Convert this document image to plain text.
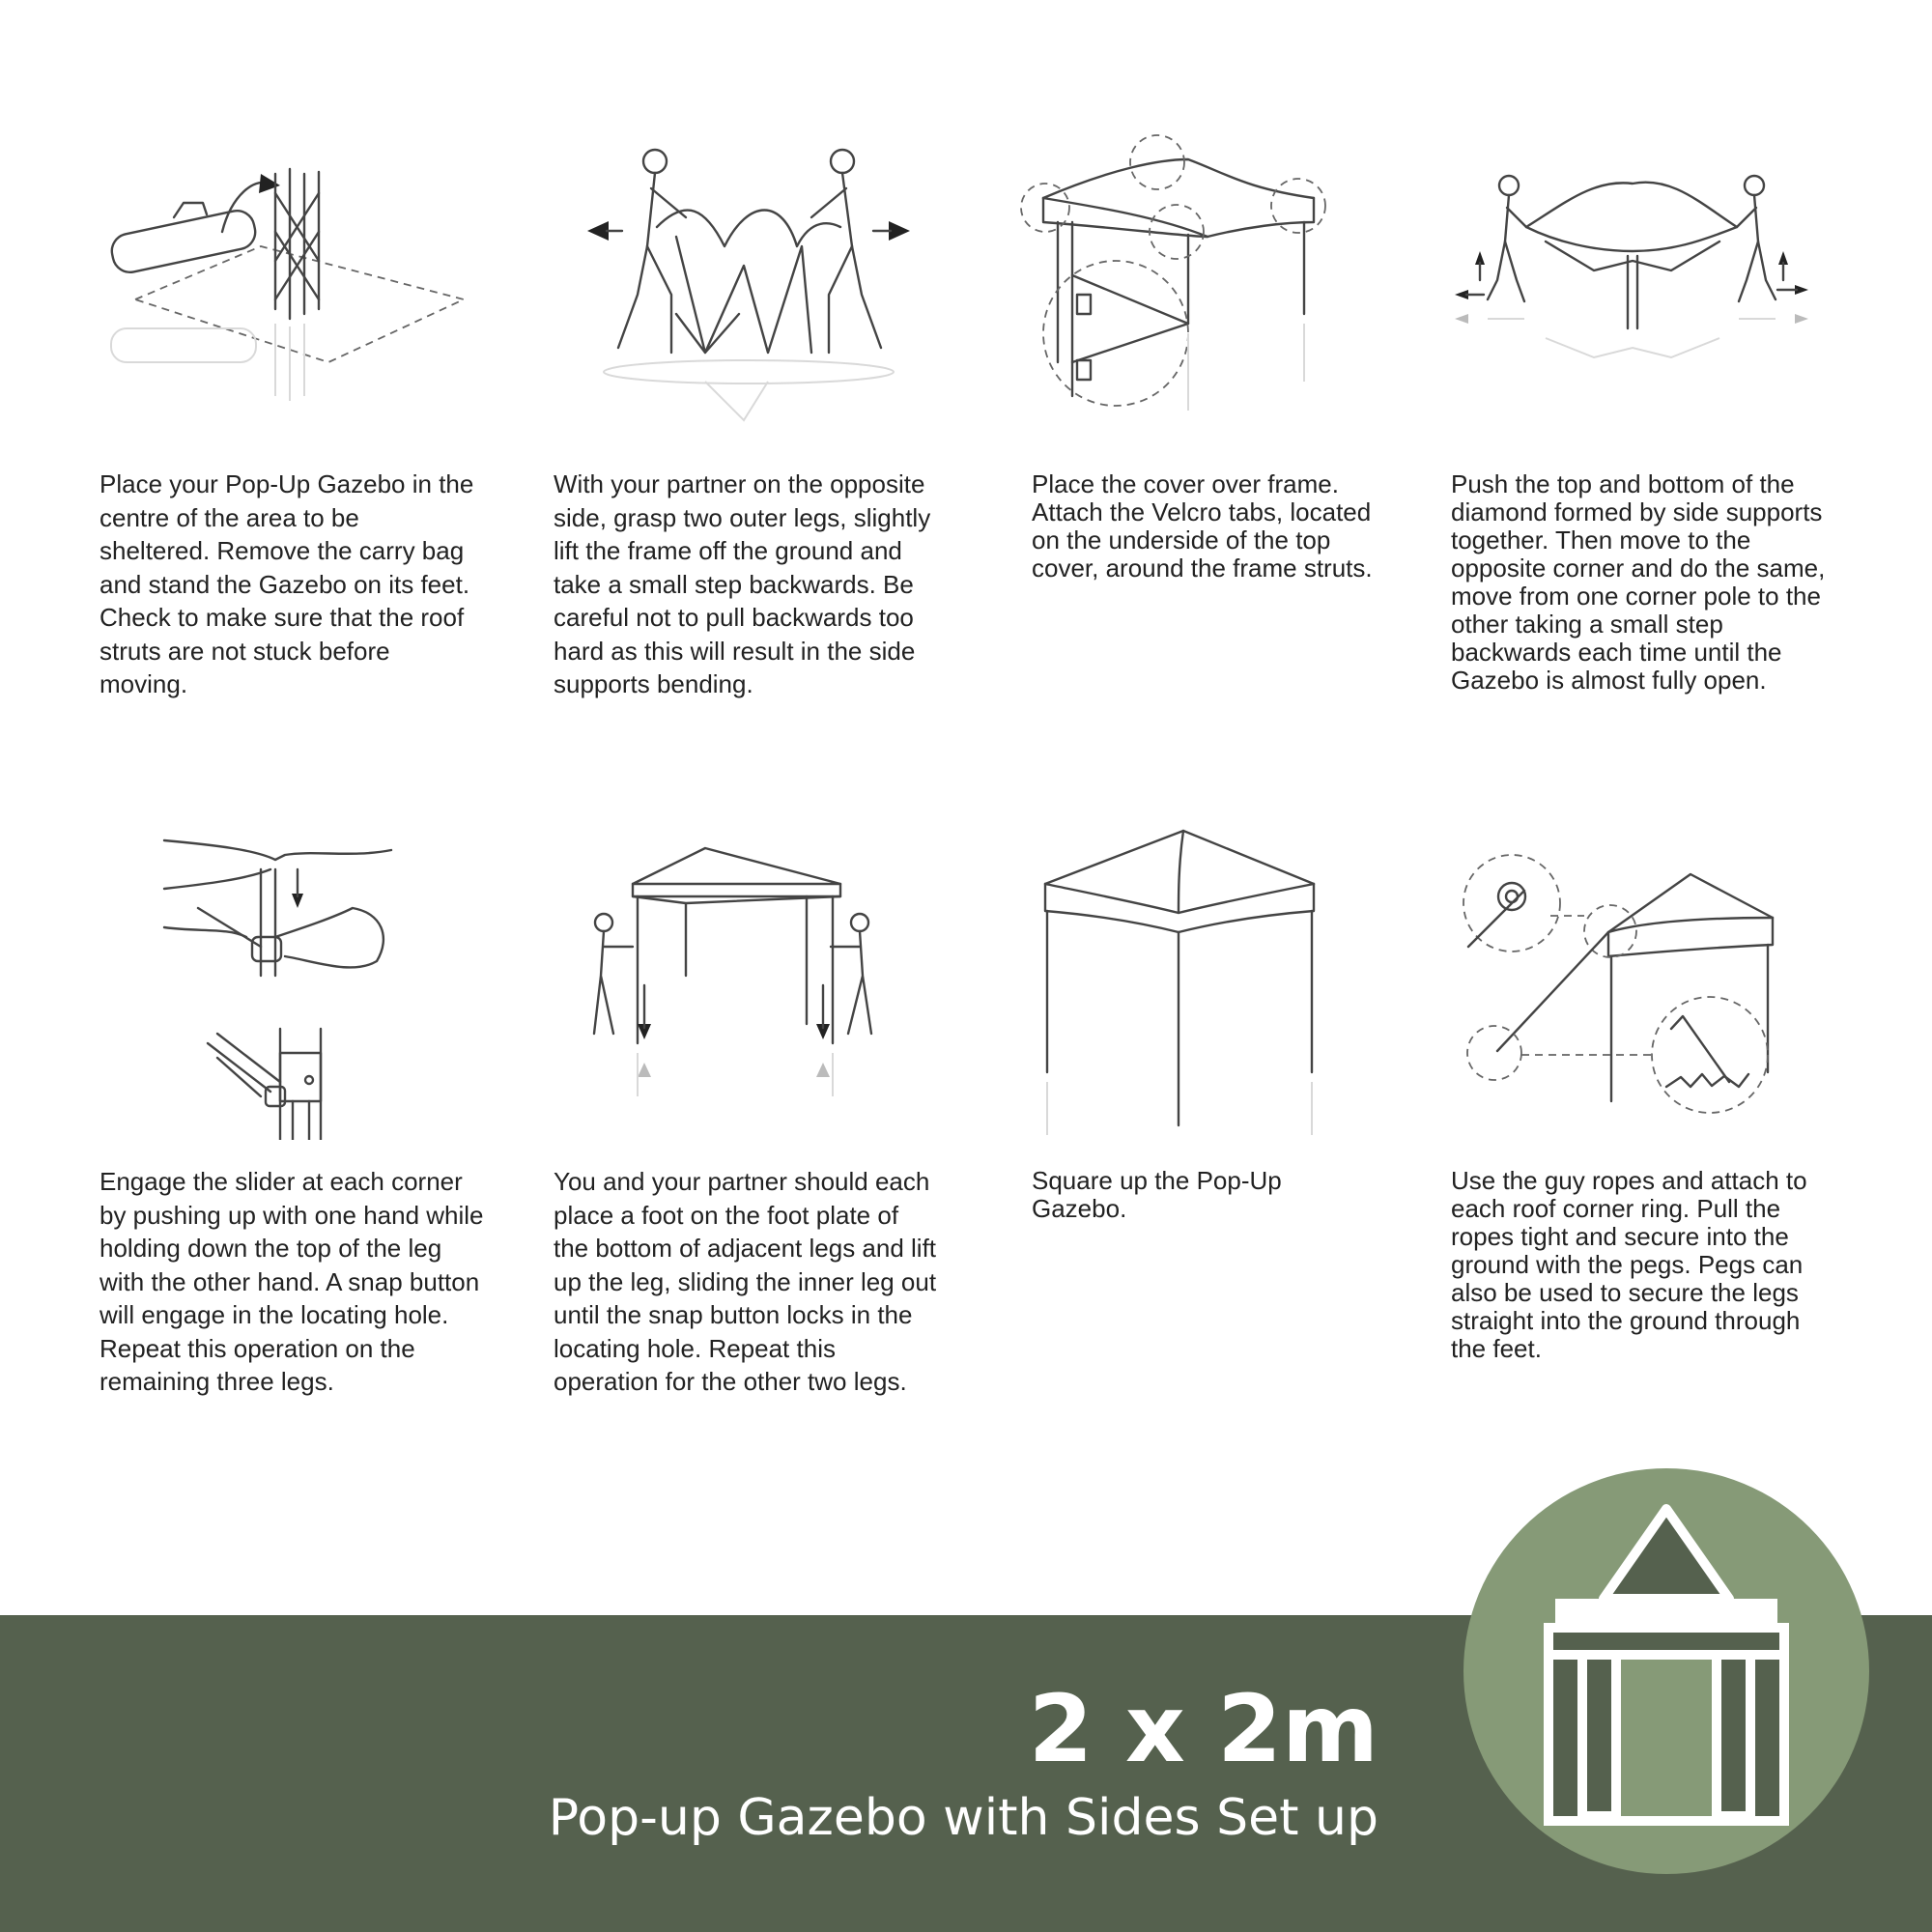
Place your Pop-Up Gazebo in the centre of the area to be sheltered. Remove the carry bag and stand the Gazebo on its feet. Check to make sure that the roof struts are not stuck before moving.

With your partner on the opposite side, grasp two outer legs, slightly lift the frame off the ground and take a small step backwards. Be careful not to pull backwards too hard as this will result in the side supports bending.

Place the cover over frame. Attach the Velcro tabs, located on the underside of the top cover, around the frame struts.

Push the top and bottom of the diamond formed by side supports together. Then move to the opposite corner and do the same, move from one corner pole to the other taking a small step backwards each time until the Gazebo is almost fully open.

Engage the slider at each corner by pushing up with one hand while holding down the top of the leg with the other hand. A snap button will engage in the locating hole. Repeat this operation on the remaining three legs.

You and your partner should each place a foot on the foot plate of the bottom of adjacent legs and lift up the leg, sliding the inner leg out until the snap button locks in the locating hole. Repeat this operation for the other two legs.

Square up the Pop-Up Gazebo.

Use the guy ropes and attach to each roof corner ring. Pull the ropes tight and secure into the ground with the pegs. Pegs can also be used to secure the legs straight into the ground through the feet.

2 x 2m
Pop-up Gazebo with Sides Set up
